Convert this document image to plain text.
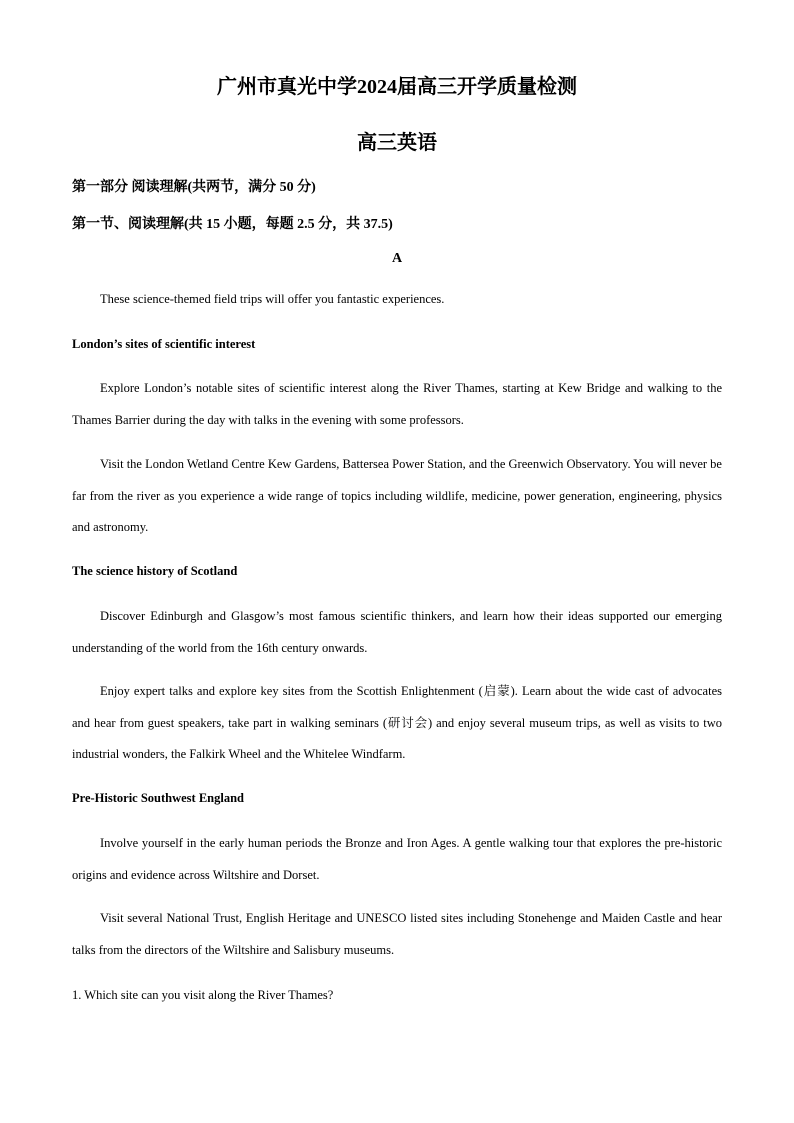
广州市真光中学2024届高三开学质量检测
高三英语

第一部分 阅读理解(共两节，满分 50 分)

第一节、阅读理解(共 15 小题，每题 2.5 分，共 37.5)

A

These science-themed field trips will offer you fantastic experiences.

London’s sites of scientific interest

Explore London’s notable sites of scientific interest along the River Thames, starting at Kew Bridge and walking to the Thames Barrier during the day with talks in the evening with some professors.

Visit the London Wetland Centre Kew Gardens, Battersea Power Station, and the Greenwich Observatory. You will never be far from the river as you experience a wide range of topics including wildlife, medicine, power generation, engineering, physics and astronomy.

The science history of Scotland

Discover Edinburgh and Glasgow’s most famous scientific thinkers, and learn how their ideas supported our emerging understanding of the world from the 16th century onwards.

Enjoy expert talks and explore key sites from the Scottish Enlightenment (启蒙). Learn about the wide cast of advocates and hear from guest speakers, take part in walking seminars (研讨会) and enjoy several museum trips, as well as visits to two industrial wonders, the Falkirk Wheel and the Whitelee Windfarm.

Pre-Historic Southwest England

Involve yourself in the early human periods the Bronze and Iron Ages. A gentle walking tour that explores the pre-historic origins and evidence across Wiltshire and Dorset.

Visit several National Trust, English Heritage and UNESCO listed sites including Stonehenge and Maiden Castle and hear talks from the directors of the Wiltshire and Salisbury museums.

1. Which site can you visit along the River Thames?
